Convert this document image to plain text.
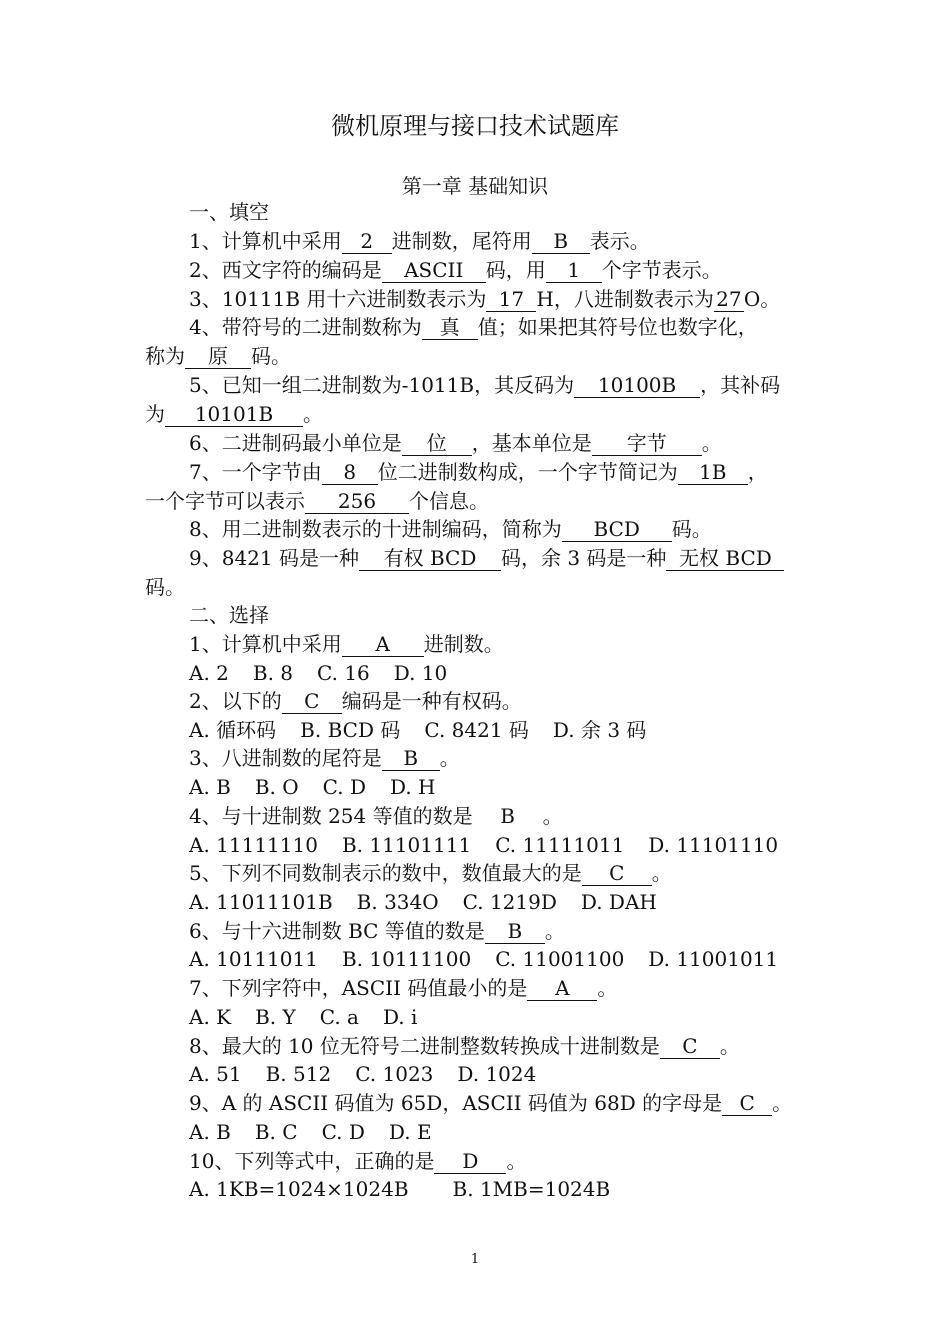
微机原理与接口技术试题库
第一章 基础知识
一、填空
1、计算机中采用 2 进制数，尾符用 B 表示。
2、西文字符的编码是 ASCII 码，用 1 个字节表示。
3、10111B 用十六进制数表示为 17 H，八进制数表示为 27 O。
4、带符号的二进制数称为 真 值；如果把其符号位也数字化，
称为 原 码。
5、已知一组二进制数为-1011B，其反码为 10100B ，其补码
为 10101B 。
6、二进制码最小单位是 位 ，基本单位是 字节 。
7、一个字节由 8 位二进制数构成，一个字节简记为 1B ，
一个字节可以表示 256 个信息。
8、用二进制数表示的十进制编码，简称为 BCD 码。
9、8421 码是一种 有权 BCD 码，余 3 码是一种 无权 BCD
码。
二、选择
1、计算机中采用 A 进制数。
A. 2 B. 8 C. 16 D. 10
2、以下的 C 编码是一种有权码。
A. 循环码 B. BCD 码 C. 8421 码 D. 余 3 码
3、八进制数的尾符是 B 。
A. B B. O C. D D. H
4、与十进制数 254 等值的数是 B 。
A. 11111110 B. 11101111 C. 11111011 D. 11101110
5、下列不同数制表示的数中，数值最大的是 C 。
A. 11011101B B. 334O C. 1219D D. DAH
6、与十六进制数 BC 等值的数是 B 。
A. 10111011 B. 10111100 C. 11001100 D. 11001011
7、下列字符中，ASCII 码值最小的是 A 。
A. K B. Y C. a D. i
8、最大的 10 位无符号二进制整数转换成十进制数是 C 。
A. 51 B. 512 C. 1023 D. 1024
9、A 的 ASCII 码值为 65D，ASCII 码值为 68D 的字母是 C 。
A. B B. C C. D D. E
10、下列等式中，正确的是 D 。
A. 1KB=1024×1024B B. 1MB=1024B
1
